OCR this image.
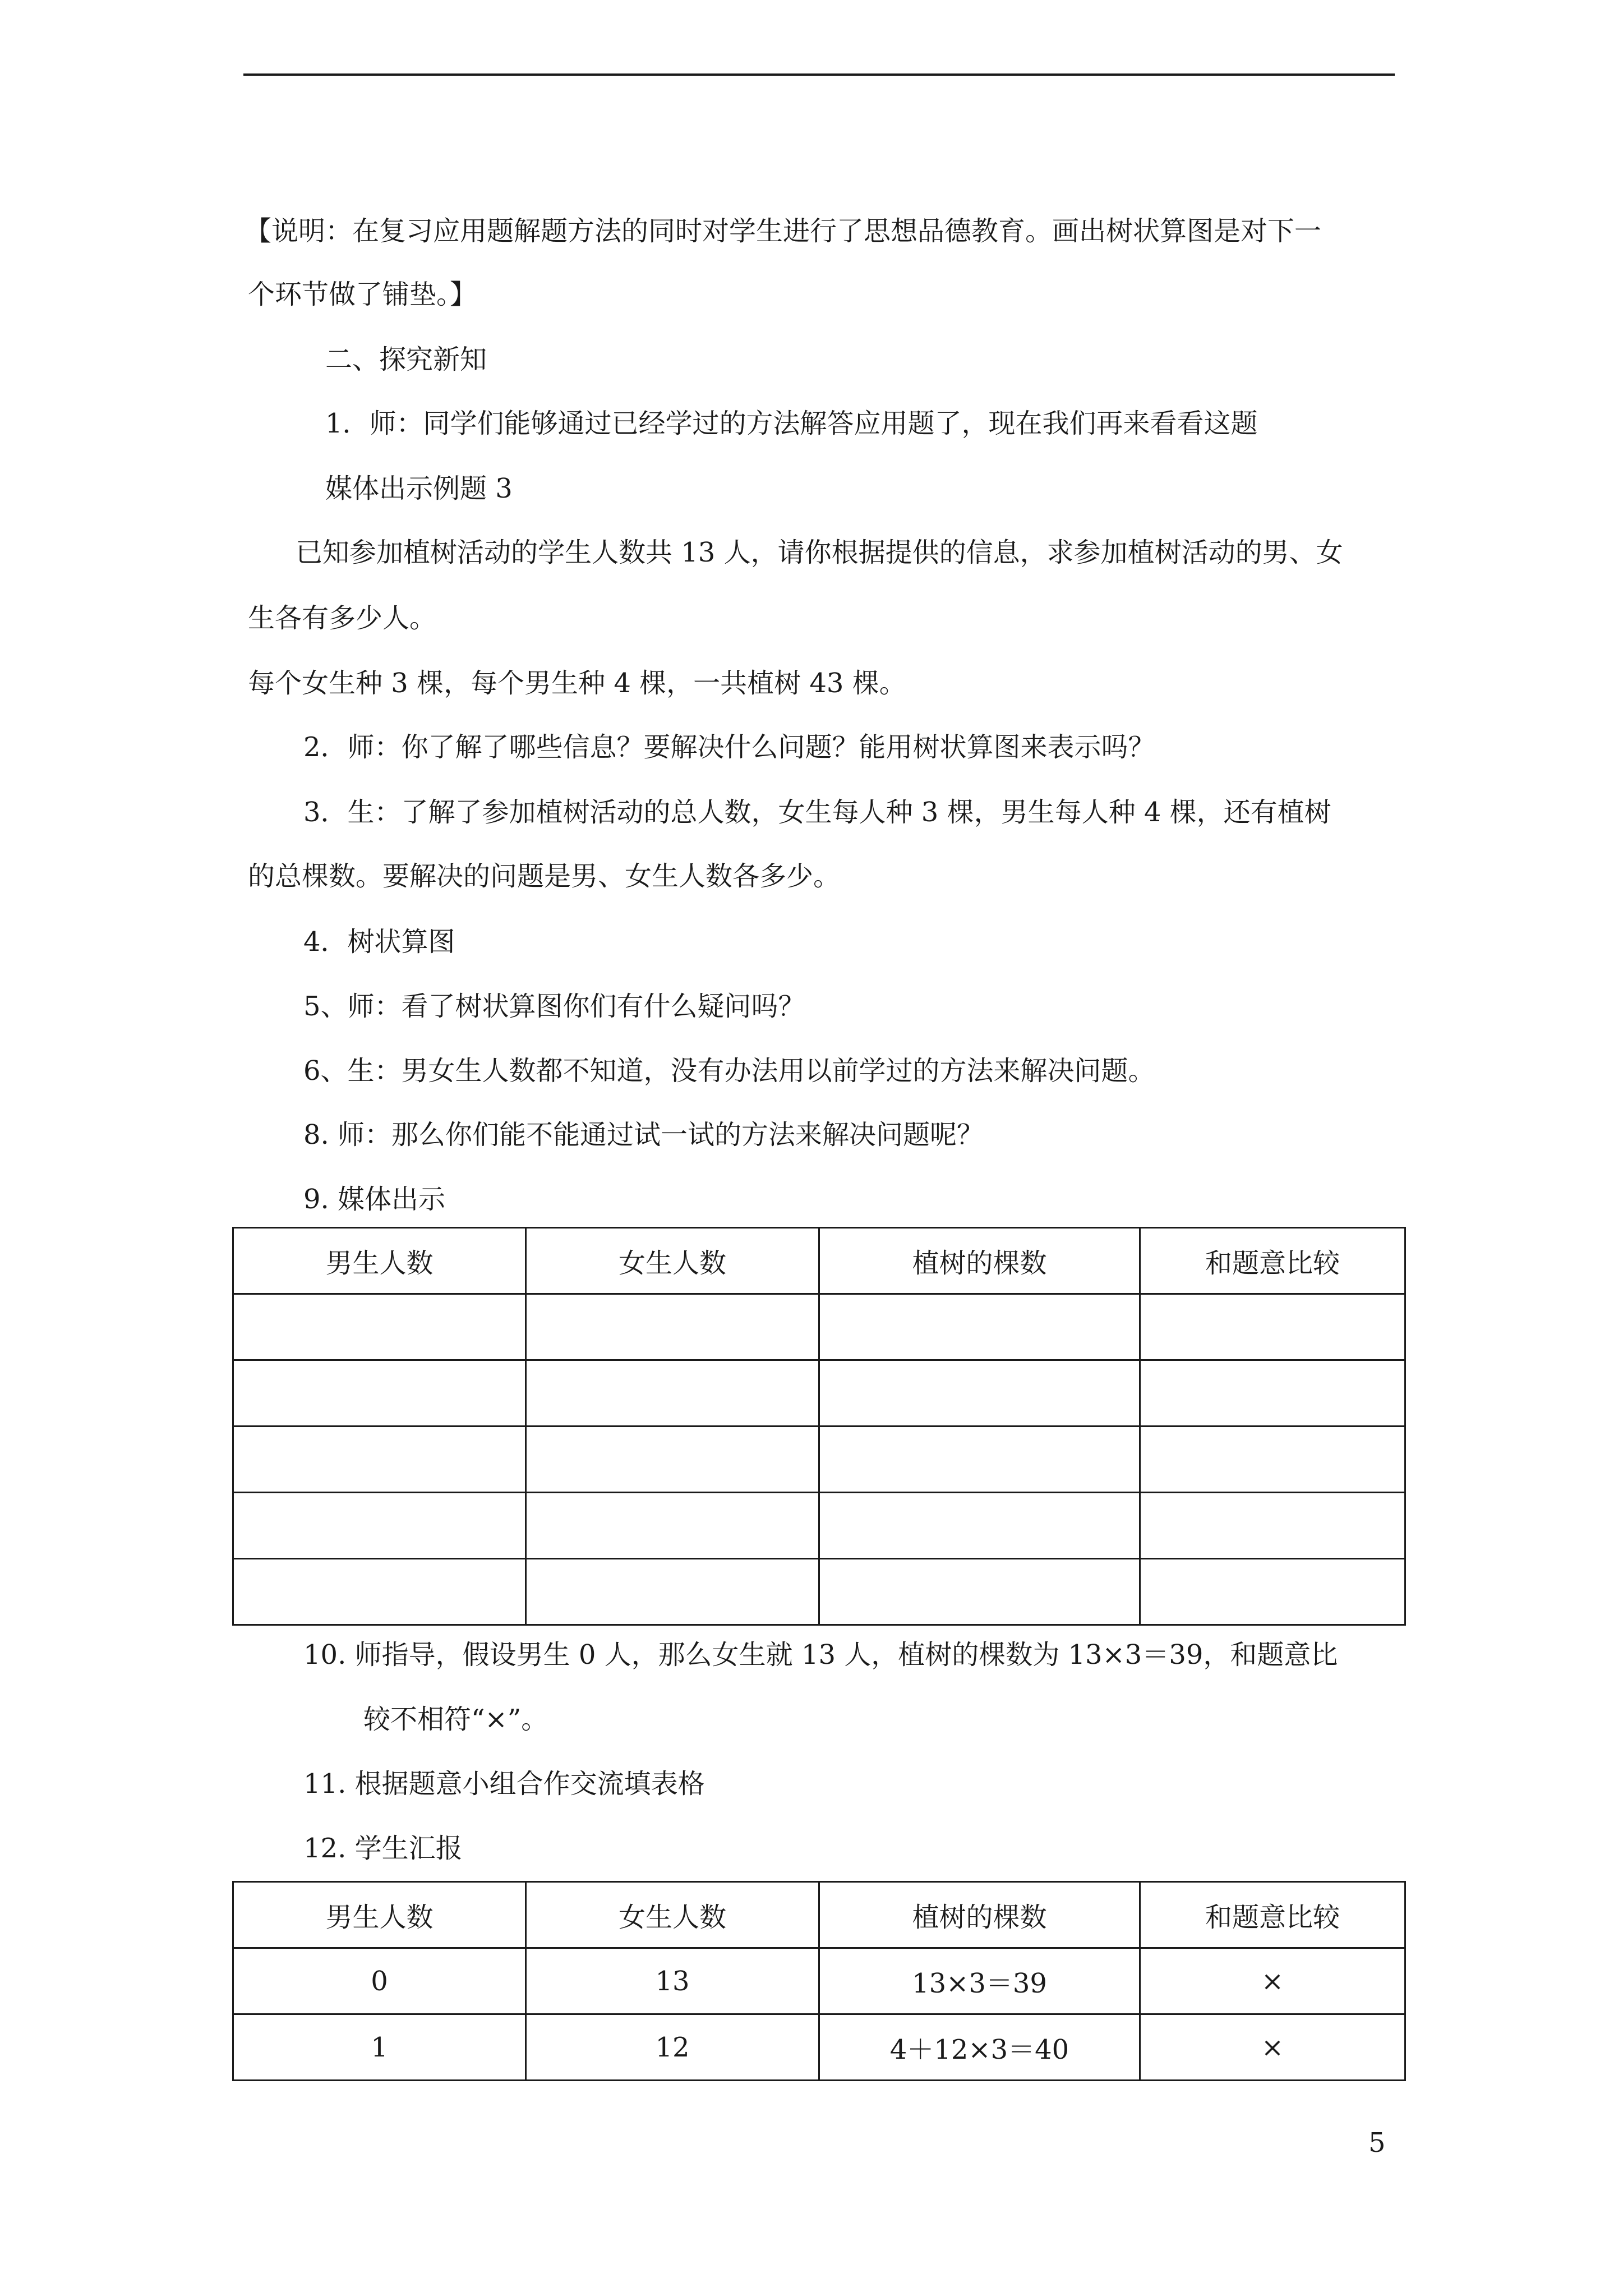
【说明：在复习应用题解题方法的同时对学生进行了思想品德教育。画出树状算图是对下一
个环节做了铺垫。】
二、探究新知
1．师：同学们能够通过已经学过的方法解答应用题了，现在我们再来看看这题
媒体出示例题 3
已知参加植树活动的学生人数共 13 人，请你根据提供的信息，求参加植树活动的男、女
生各有多少人。
每个女生种 3 棵，每个男生种 4 棵，一共植树 43 棵。
2．师：你了解了哪些信息？要解决什么问题？能用树状算图来表示吗？
3．生：了解了参加植树活动的总人数，女生每人种 3 棵，男生每人种 4 棵，还有植树
的总棵数。要解决的问题是男、女生人数各多少。
4．树状算图
5、师：看了树状算图你们有什么疑问吗？
6、生：男女生人数都不知道，没有办法用以前学过的方法来解决问题。
8. 师：那么你们能不能通过试一试的方法来解决问题呢？
9. 媒体出示
男生人数	女生人数	植树的棵数	和题意比较

10. 师指导，假设男生 0 人，那么女生就 13 人，植树的棵数为 13×3＝39，和题意比
较不相符“×”。
11. 根据题意小组合作交流填表格
12. 学生汇报
男生人数	女生人数	植树的棵数	和题意比较
0	13	13×3＝39	×
1	12	4＋12×3＝40	×
5
